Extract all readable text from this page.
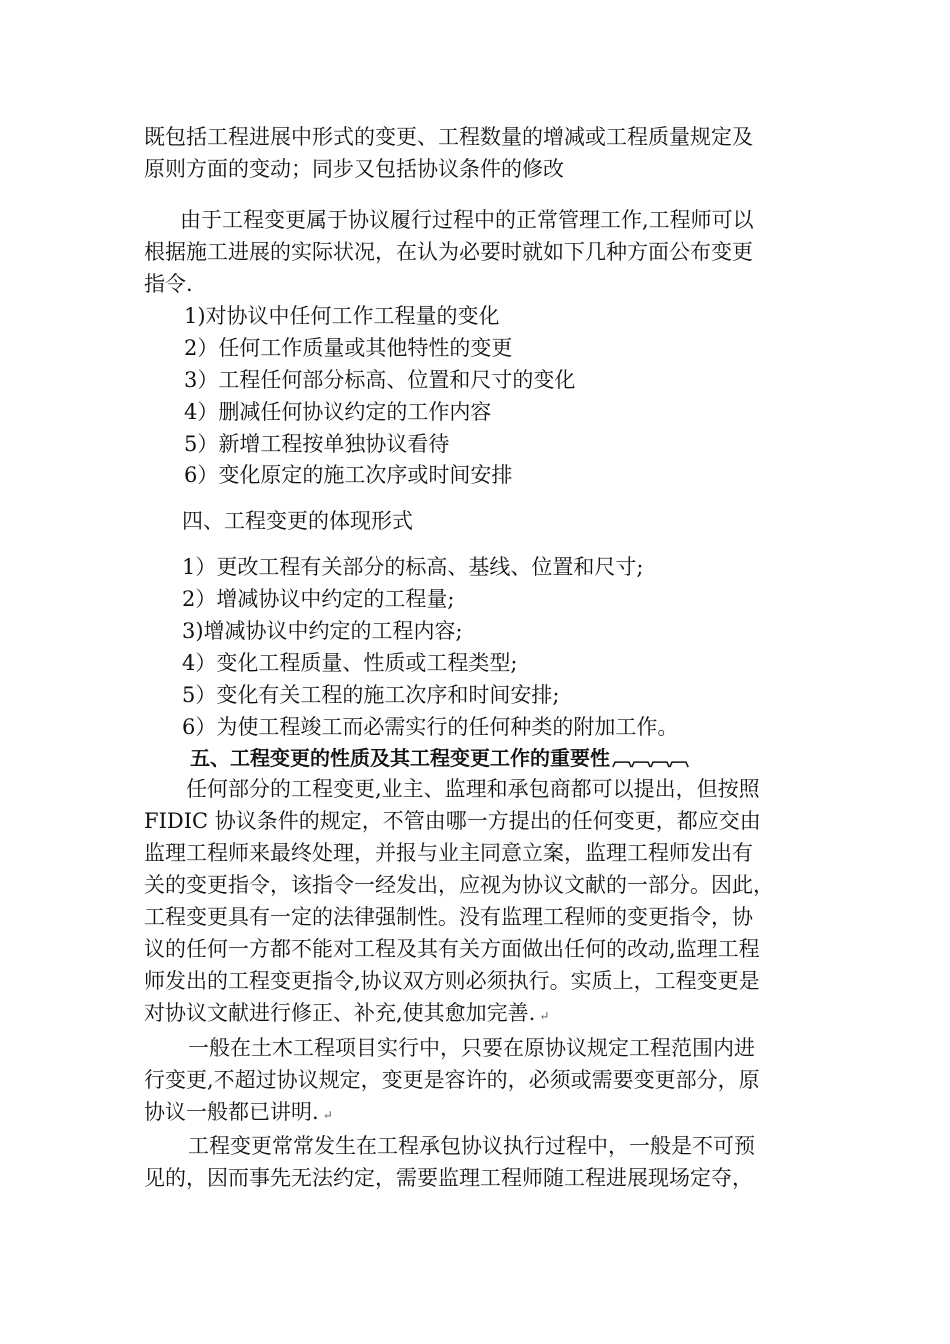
既包括工程进展中形式的变更、工程数量的增减或工程质量规定及
原则方面的变动；同步又包括协议条件的修改
由于工程变更属于协议履行过程中的正常管理工作,工程师可以
根据施工进展的实际状况，在认为必要时就如下几种方面公布变更
指令.
1)对协议中任何工作工程量的变化
2）任何工作质量或其他特性的变更
3）工程任何部分标高、位置和尺寸的变化
4）删减任何协议约定的工作内容
5）新增工程按单独协议看待
6）变化原定的施工次序或时间安排
四、工程变更的体现形式
1）更改工程有关部分的标高、基线、位置和尺寸;
2）增减协议中约定的工程量;
3)增减协议中约定的工程内容;
4）变化工程质量、性质或工程类型;
5）变化有关工程的施工次序和时间安排;
6）为使工程竣工而必需实行的任何种类的附加工作。
五、工程变更的性质及其工程变更工作的重要性 ︹︹︹︹
任何部分的工程变更,业主、监理和承包商都可以提出，但按照
FIDIC 协议条件的规定，不管由哪一方提出的任何变更，都应交由
监理工程师来最终处理，并报与业主同意立案，监理工程师发出有
关的变更指令，该指令一经发出，应视为协议文献的一部分。因此，
工程变更具有一定的法律强制性。没有监理工程师的变更指令，协
议的任何一方都不能对工程及其有关方面做出任何的改动,监理工程
师发出的工程变更指令,协议双方则必须执行。实质上，工程变更是
对协议文献进行修正、补充,使其愈加完善. ↵
一般在土木工程项目实行中，只要在原协议规定工程范围内进
行变更,不超过协议规定，变更是容许的，必须或需要变更部分，原
协议一般都已讲明. ↵
工程变更常常发生在工程承包协议执行过程中，一般是不可预
见的，因而事先无法约定，需要监理工程师随工程进展现场定夺，
